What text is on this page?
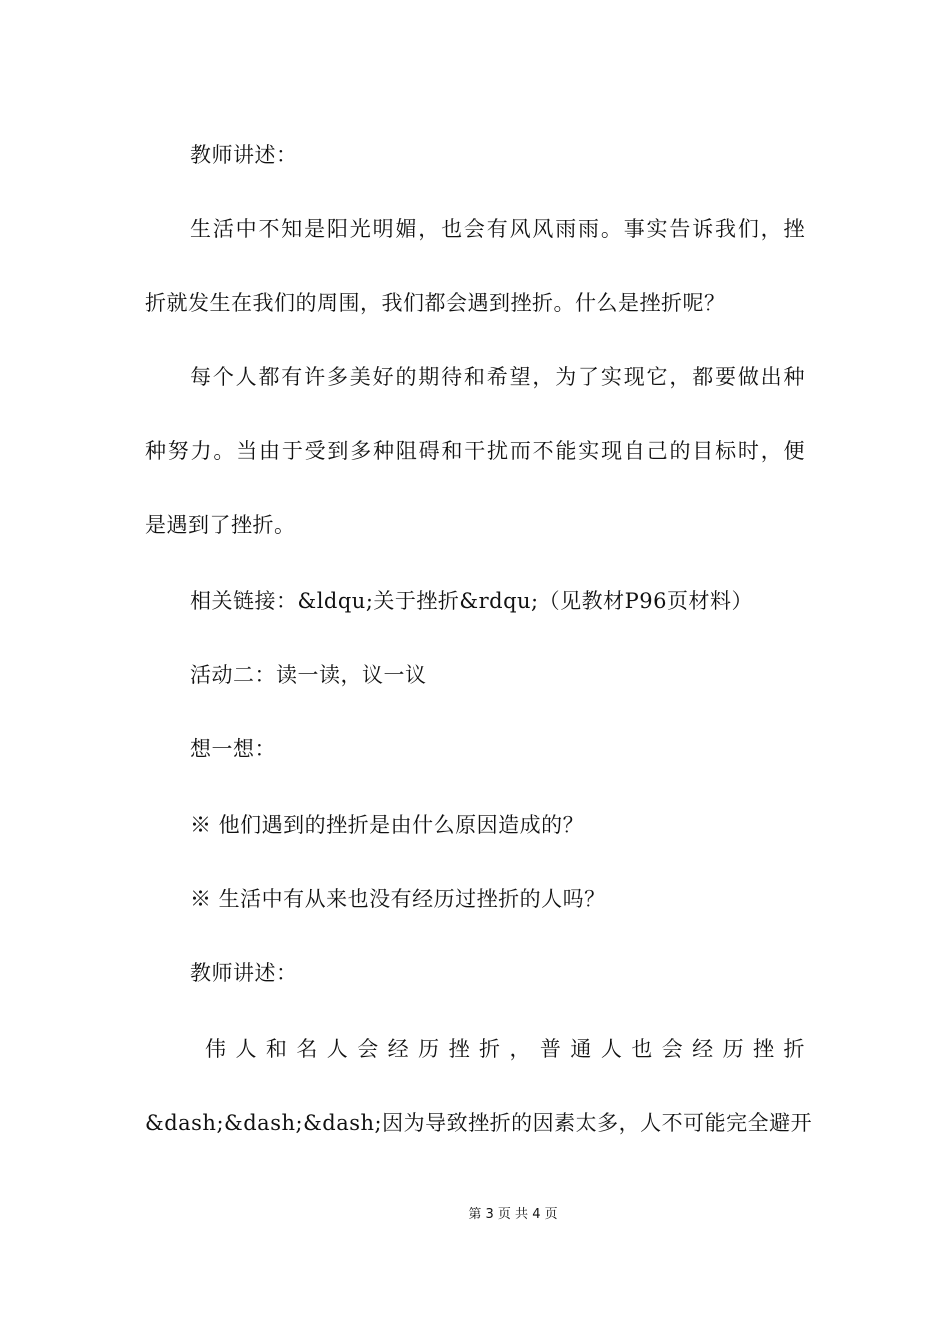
教师讲述：
生活中不知是阳光明媚，也会有风风雨雨。事实告诉我们，挫
折就发生在我们的周围，我们都会遇到挫折。什么是挫折呢？
每个人都有许多美好的期待和希望，为了实现它，都要做出种
种努力。当由于受到多种阻碍和干扰而不能实现自己的目标时，便
是遇到了挫折。
相关链接：&ldqu;关于挫折&rdqu;（见教材P96页材料）
活动二：读一读，议一议
想一想：
※ 他们遇到的挫折是由什么原因造成的？
※ 生活中有从来也没有经历过挫折的人吗？
教师讲述：
伟人和名人会经历挫折，普通人也会经历挫折
&dash;&dash;&dash;因为导致挫折的因素太多，人不可能完全避开
第 3 页 共 4 页
